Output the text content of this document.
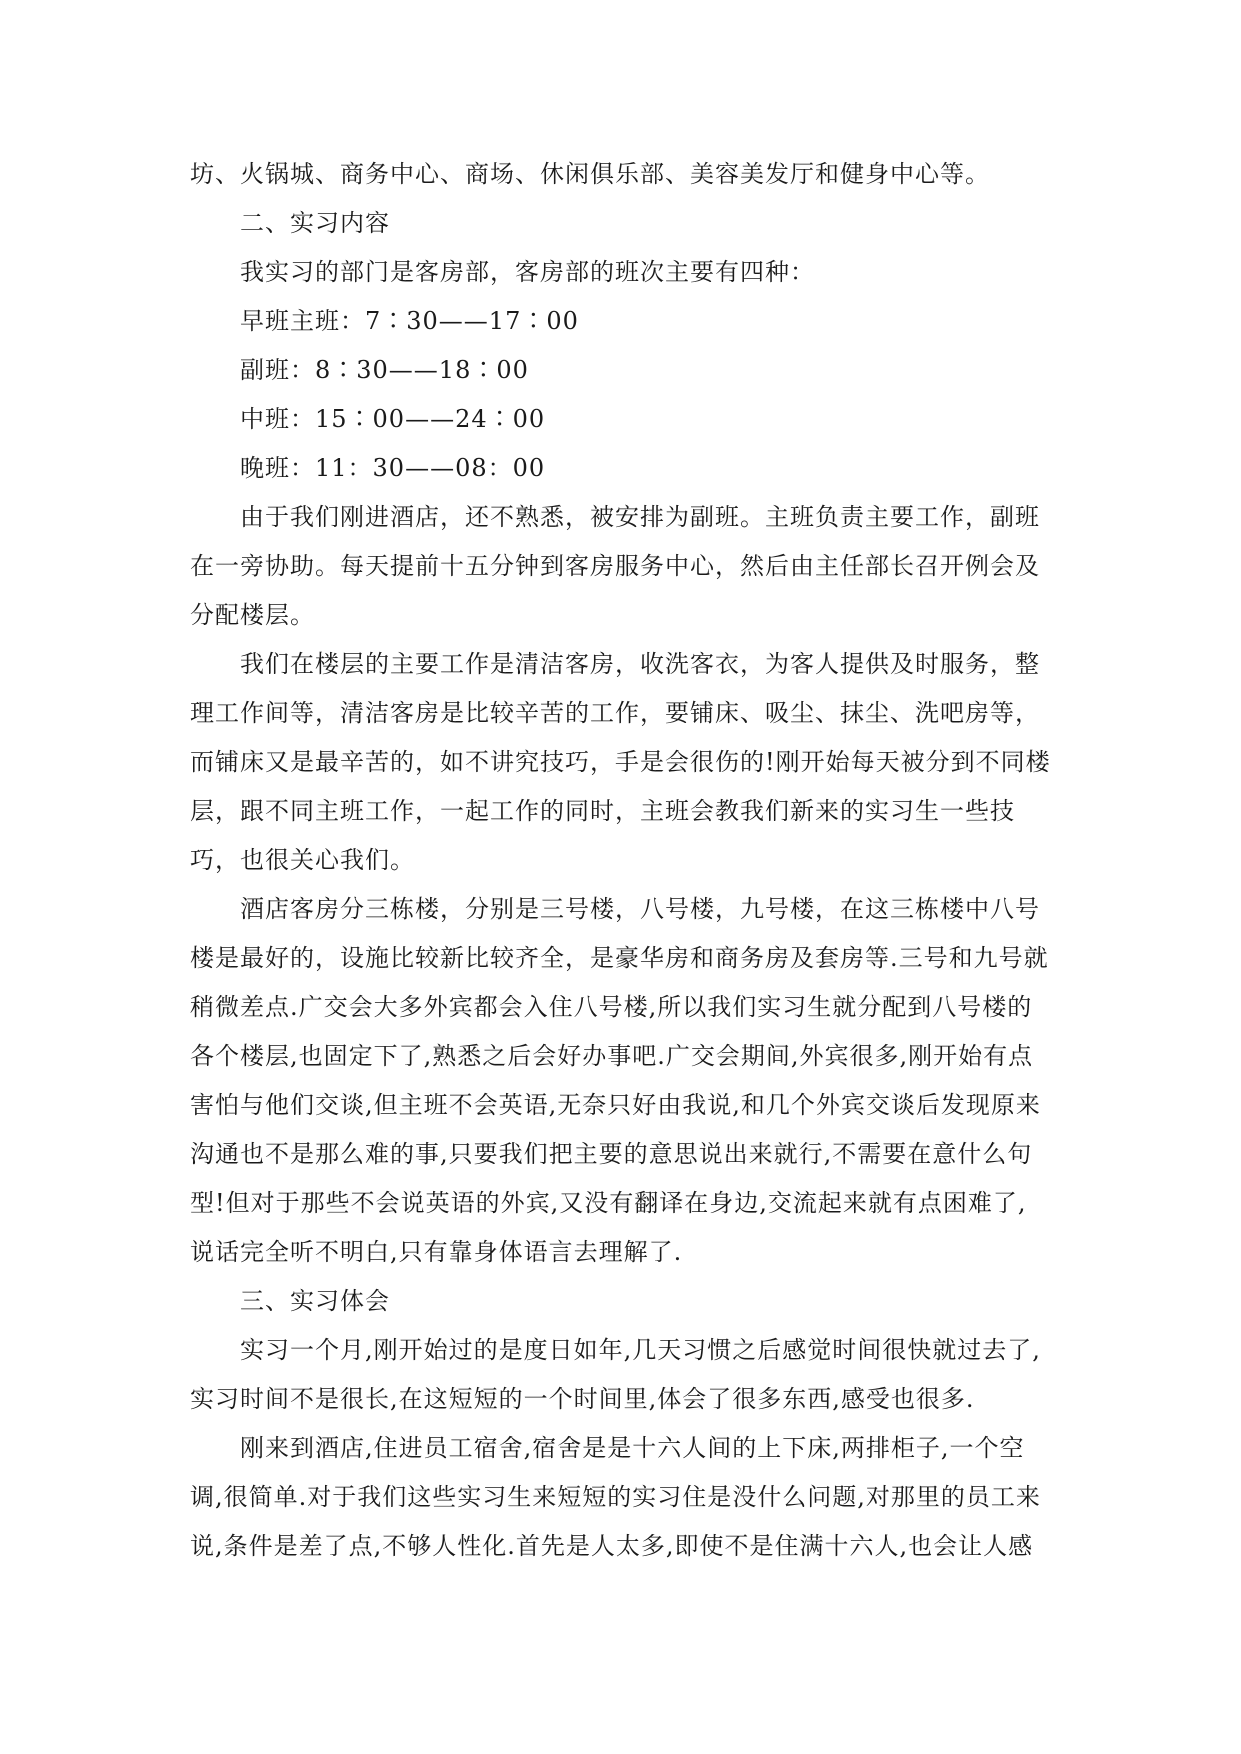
坊、火锅城、商务中心、商场、休闲俱乐部、美容美发厅和健身中心等。
二、实习内容
我实习的部门是客房部，客房部的班次主要有四种：
早班主班：7∶30——17∶00
副班：8∶30——18∶00
中班：15∶00——24∶00
晚班：11：30——08：00
由于我们刚进酒店，还不熟悉，被安排为副班。主班负责主要工作，副班
在一旁协助。每天提前十五分钟到客房服务中心，然后由主任部长召开例会及
分配楼层。
我们在楼层的主要工作是清洁客房，收洗客衣，为客人提供及时服务，整
理工作间等，清洁客房是比较辛苦的工作，要铺床、吸尘、抹尘、洗吧房等，
而铺床又是最辛苦的，如不讲究技巧，手是会很伤的!刚开始每天被分到不同楼
层，跟不同主班工作，一起工作的同时，主班会教我们新来的实习生一些技
巧，也很关心我们。
酒店客房分三栋楼，分别是三号楼，八号楼，九号楼，在这三栋楼中八号
楼是最好的，设施比较新比较齐全，是豪华房和商务房及套房等.三号和九号就
稍微差点.广交会大多外宾都会入住八号楼,所以我们实习生就分配到八号楼的
各个楼层,也固定下了,熟悉之后会好办事吧.广交会期间,外宾很多,刚开始有点
害怕与他们交谈,但主班不会英语,无奈只好由我说,和几个外宾交谈后发现原来
沟通也不是那么难的事,只要我们把主要的意思说出来就行,不需要在意什么句
型!但对于那些不会说英语的外宾,又没有翻译在身边,交流起来就有点困难了,
说话完全听不明白,只有靠身体语言去理解了.
三、实习体会
实习一个月,刚开始过的是度日如年,几天习惯之后感觉时间很快就过去了,
实习时间不是很长,在这短短的一个时间里,体会了很多东西,感受也很多.
刚来到酒店,住进员工宿舍,宿舍是是十六人间的上下床,两排柜子,一个空
调,很简单.对于我们这些实习生来短短的实习住是没什么问题,对那里的员工来
说,条件是差了点,不够人性化.首先是人太多,即使不是住满十六人,也会让人感
